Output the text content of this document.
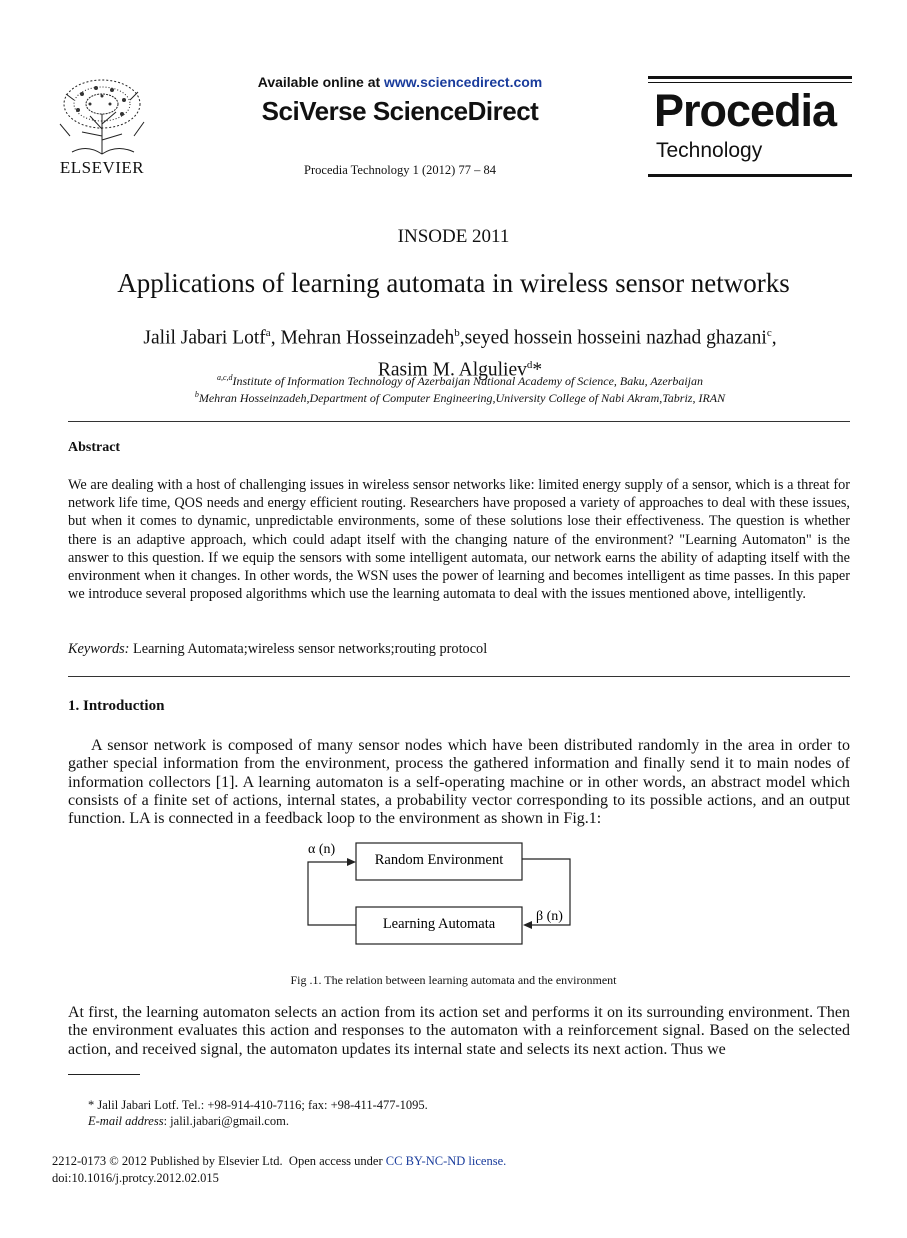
ELSEVIER
Available online at www.sciencedirect.com
SciVerse ScienceDirect
Procedia Technology 1 (2012) 77 – 84
Procedia
Technology
INSODE 2011
Applications of learning automata in wireless sensor networks
Jalil Jabari Lotf$^a$, Mehran Hosseinzadeh$^b$,seyed hossein hosseini nazhad ghazani$^c$,
Rasim M. Alguliev$^d$*
$^{a,c,d}$Institute of Information Technology of Azerbaijan National Academy of Science, Baku, Azerbaijan
$^b$Mehran Hosseinzadeh,Department of Computer Engineering,University College of Nabi Akram,Tabriz, IRAN
Abstract
We are dealing with a host of challenging issues in wireless sensor networks like: limited energy supply of a sensor, which is a threat for network life time, QOS needs and energy efficient routing. Researchers have proposed a variety of approaches to deal with these issues, but when it comes to dynamic, unpredictable environments, some of these solutions lose their effectiveness. The question is whether there is an adaptive approach, which could adapt itself with the changing nature of the environment? "Learning Automaton" is the answer to this question. If we equip the sensors with some intelligent automata, our network earns the ability of adapting itself with the environment when it changes. In other words, the WSN uses the power of learning and becomes intelligent as time passes. In this paper we introduce several proposed algorithms which use the learning automata to deal with the issues mentioned above, intelligently.
Keywords: Learning Automata;wireless sensor networks;routing protocol
1. Introduction
A sensor network is composed of many sensor nodes which have been distributed randomly in the area in order to gather special information from the environment, process the gathered information and finally send it to main nodes of information collectors [1]. A learning automaton is a self-operating machine or in other words, an abstract model which consists of a finite set of actions, internal states, a probability vector corresponding to its possible actions, and an output function. LA is connected in a feedback loop to the environment as shown in Fig.1:
Random Environment
Learning Automata
α (n)
β (n)
Fig .1. The relation between learning automata and the environment
At first, the learning automaton selects an action from its action set and performs it on its surrounding environment. Then the environment evaluates this action and responses to the automaton with a reinforcement signal. Based on the selected action, and received signal, the automaton updates its internal state and selects its next action. Thus we
* Jalil Jabari Lotf. Tel.: +98-914-410-7116; fax: +98-411-477-1095.
E-mail address: jalil.jabari@gmail.com.
2212-0173 © 2012 Published by Elsevier Ltd.  Open access under CC BY-NC-ND license.
doi:10.1016/j.protcy.2012.02.015
